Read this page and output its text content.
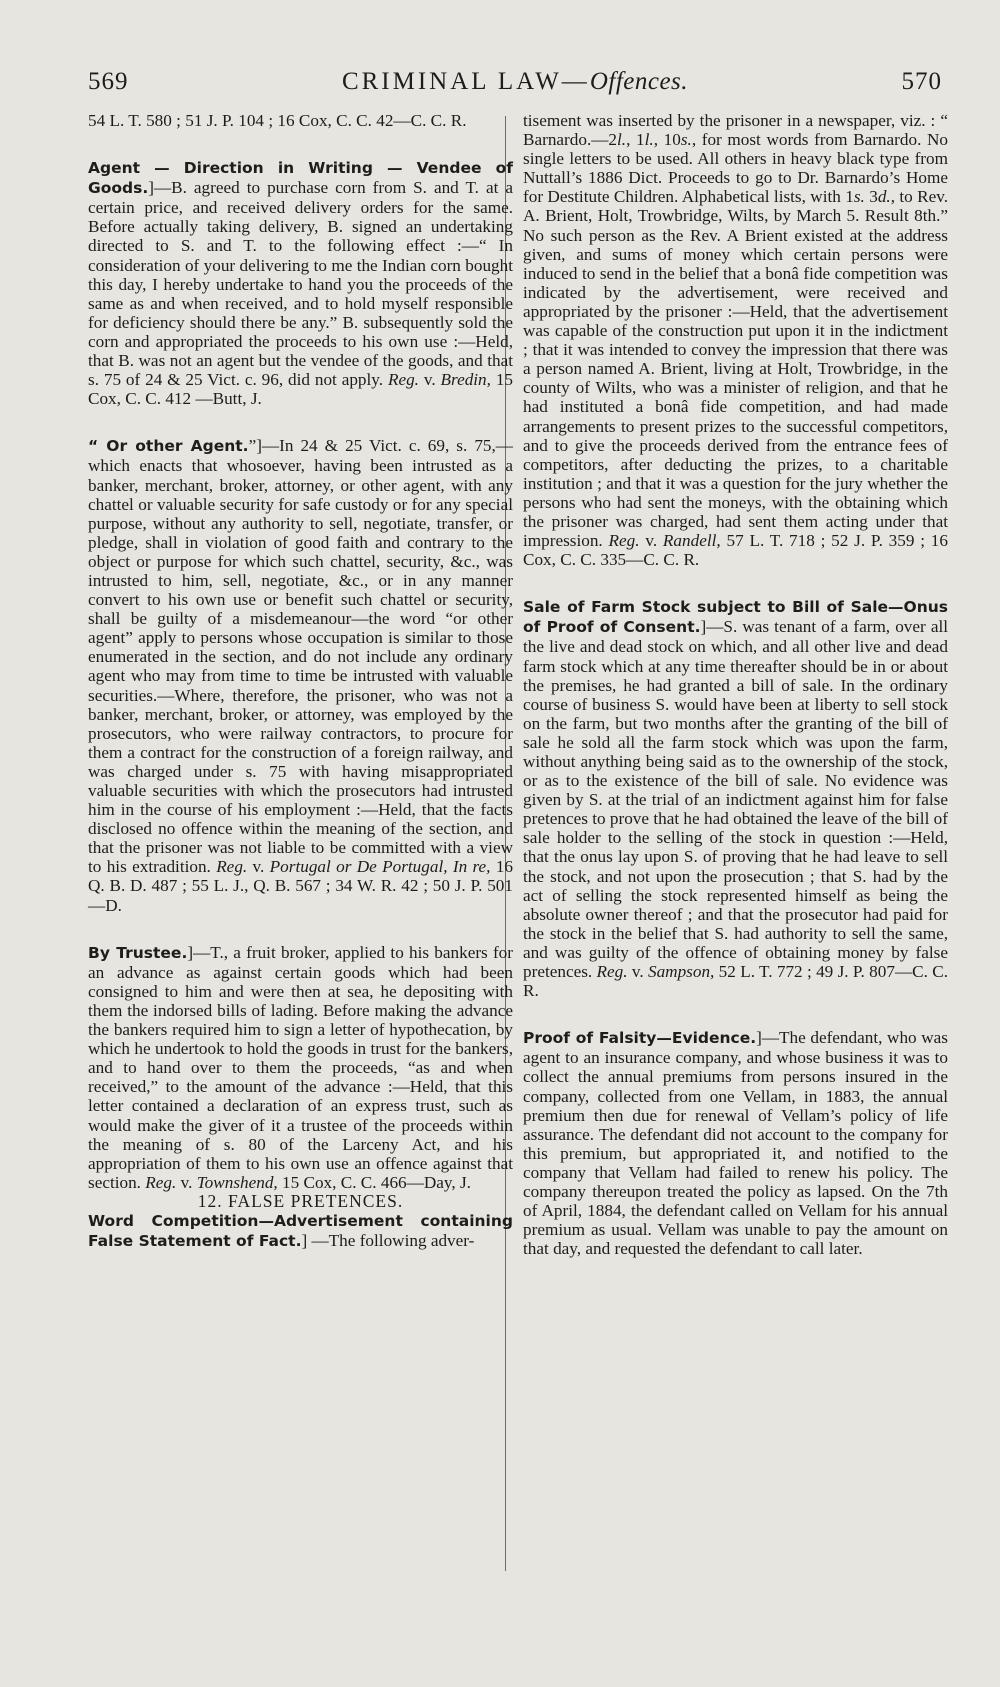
569	CRIMINAL LAW—Offences.	570

54 L. T. 580 ; 51 J. P. 104 ; 16 Cox, C. C. 42—C. C. R.

Agent — Direction in Writing — Vendee of Goods.]—B. agreed to purchase corn from S. and T. at a certain price, and received delivery orders for the same. Before actually taking delivery, B. signed an undertaking directed to S. and T. to the following effect :—“ In consideration of your delivering to me the Indian corn bought this day, I hereby undertake to hand you the proceeds of the same as and when received, and to hold myself responsible for deficiency should there be any.” B. subsequently sold the corn and appropriated the proceeds to his own use :—Held, that B. was not an agent but the vendee of the goods, and that s. 75 of 24 & 25 Vict. c. 96, did not apply. Reg. v. Bredin, 15 Cox, C. C. 412 —Butt, J.

“ Or other Agent.”]—In 24 & 25 Vict. c. 69, s. 75,—which enacts that whosoever, having been intrusted as a banker, merchant, broker, attorney, or other agent, with any chattel or valuable security for safe custody or for any special purpose, without any authority to sell, negotiate, transfer, or pledge, shall in violation of good faith and contrary to the object or purpose for which such chattel, security, &c., was intrusted to him, sell, negotiate, &c., or in any manner convert to his own use or benefit such chattel or security, shall be guilty of a misdemeanour—the word “or other agent” apply to persons whose occupation is similar to those enumerated in the section, and do not include any ordinary agent who may from time to time be intrusted with valuable securities.—Where, therefore, the prisoner, who was not a banker, merchant, broker, or attorney, was employed by the prosecutors, who were railway contractors, to procure for them a contract for the construction of a foreign railway, and was charged under s. 75 with having misappropriated valuable securities with which the prosecutors had intrusted him in the course of his employment :—Held, that the facts disclosed no offence within the meaning of the section, and that the prisoner was not liable to be committed with a view to his extradition. Reg. v. Portugal or De Portugal, In re, 16 Q. B. D. 487 ; 55 L. J., Q. B. 567 ; 34 W. R. 42 ; 50 J. P. 501—D.

By Trustee.]—T., a fruit broker, applied to his bankers for an advance as against certain goods which had been consigned to him and were then at sea, he depositing with them the indorsed bills of lading. Before making the advance the bankers required him to sign a letter of hypothecation, by which he undertook to hold the goods in trust for the bankers, and to hand over to them the proceeds, “as and when received,” to the amount of the advance :—Held, that this letter contained a declaration of an express trust, such as would make the giver of it a trustee of the proceeds within the meaning of s. 80 of the Larceny Act, and his appropriation of them to his own use an offence against that section. Reg. v. Townshend, 15 Cox, C. C. 466—Day, J.

12. FALSE PRETENCES.

Word Competition—Advertisement containing False Statement of Fact.] —The following adver-

tisement was inserted by the prisoner in a newspaper, viz. : “ Barnardo.—2l., 1l., 10s., for most words from Barnardo. No single letters to be used. All others in heavy black type from Nuttall’s 1886 Dict. Proceeds to go to Dr. Barnardo’s Home for Destitute Children. Alphabetical lists, with 1s. 3d., to Rev. A. Brient, Holt, Trowbridge, Wilts, by March 5. Result 8th.” No such person as the Rev. A Brient existed at the address given, and sums of money which certain persons were induced to send in the belief that a bonâ fide competition was indicated by the advertisement, were received and appropriated by the prisoner :—Held, that the advertisement was capable of the construction put upon it in the indictment ; that it was intended to convey the impression that there was a person named A. Brient, living at Holt, Trowbridge, in the county of Wilts, who was a minister of religion, and that he had instituted a bonâ fide competition, and had made arrangements to present prizes to the successful competitors, and to give the proceeds derived from the entrance fees of competitors, after deducting the prizes, to a charitable institution ; and that it was a question for the jury whether the persons who had sent the moneys, with the obtaining which the prisoner was charged, had sent them acting under that impression. Reg. v. Randell, 57 L. T. 718 ; 52 J. P. 359 ; 16 Cox, C. C. 335—C. C. R.

Sale of Farm Stock subject to Bill of Sale—Onus of Proof of Consent.]—S. was tenant of a farm, over all the live and dead stock on which, and all other live and dead farm stock which at any time thereafter should be in or about the premises, he had granted a bill of sale. In the ordinary course of business S. would have been at liberty to sell stock on the farm, but two months after the granting of the bill of sale he sold all the farm stock which was upon the farm, without anything being said as to the ownership of the stock, or as to the existence of the bill of sale. No evidence was given by S. at the trial of an indictment against him for false pretences to prove that he had obtained the leave of the bill of sale holder to the selling of the stock in question :—Held, that the onus lay upon S. of proving that he had leave to sell the stock, and not upon the prosecution ; that S. had by the act of selling the stock represented himself as being the absolute owner thereof ; and that the prosecutor had paid for the stock in the belief that S. had authority to sell the same, and was guilty of the offence of obtaining money by false pretences. Reg. v. Sampson, 52 L. T. 772 ; 49 J. P. 807—C. C. R.

Proof of Falsity—Evidence.]—The defendant, who was agent to an insurance company, and whose business it was to collect the annual premiums from persons insured in the company, collected from one Vellam, in 1883, the annual premium then due for renewal of Vellam’s policy of life assurance. The defendant did not account to the company for this premium, but appropriated it, and notified to the company that Vellam had failed to renew his policy. The company thereupon treated the policy as lapsed. On the 7th of April, 1884, the defendant called on Vellam for his annual premium as usual. Vellam was unable to pay the amount on that day, and requested the defendant to call later.
